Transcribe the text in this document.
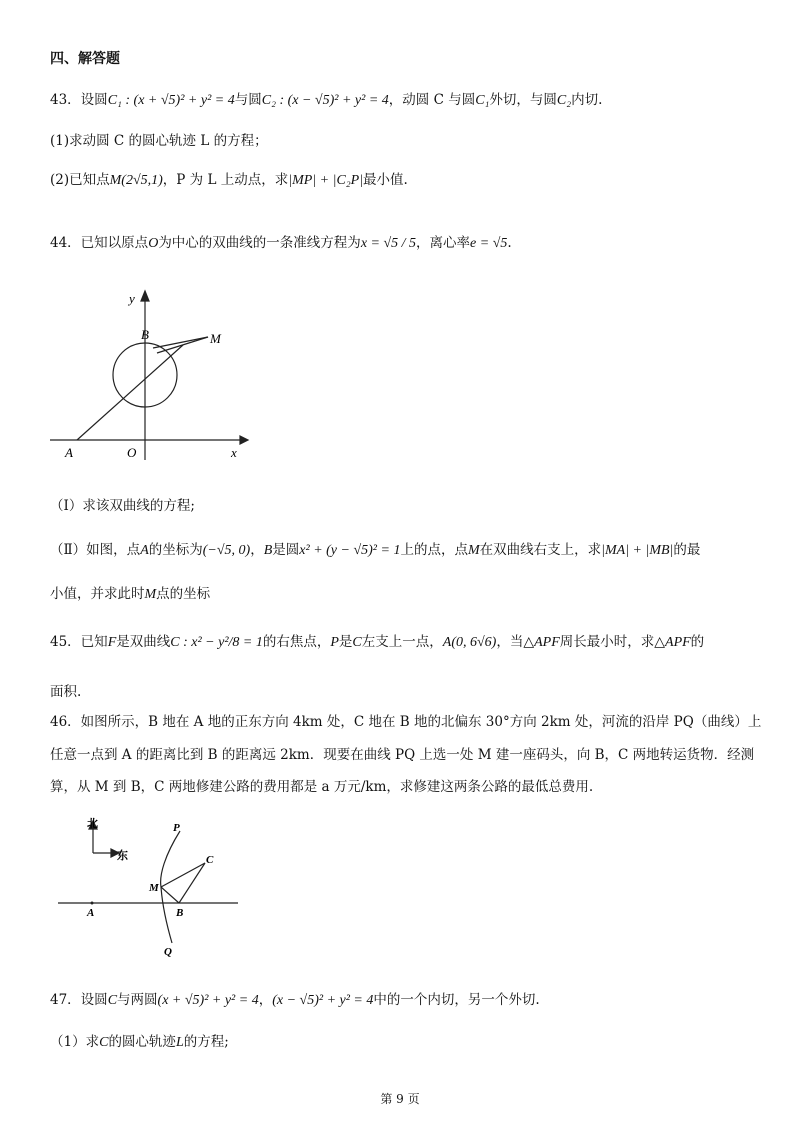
四、解答题
43．设圆C₁ : (x + √5)² + y² = 4与圆C₂ : (x − √5)² + y² = 4，动圆 C 与圆C₁外切，与圆C₂内切.
(1)求动圆 C 的圆心轨迹 L 的方程；
(2)已知点M(2√5,1)，P 为 L 上动点，求|MP| + |C₂P|最小值.
44．已知以原点O为中心的双曲线的一条准线方程为x = √5 / 5，离心率e = √5.
y
x
O
A
B	M
（Ⅰ）求该双曲线的方程;
（Ⅱ）如图，点A的坐标为(−√5, 0)，B是圆x² + (y − √5)² = 1上的点，点M在双曲线右支上，求|MA| + |MB|的最
小值，并求此时M点的坐标
45．已知F是双曲线C : x² − y²/8 = 1的右焦点，P是C左支上一点，A(0, 6√6)，当△APF周长最小时，求△APF的
面积.
46．如图所示，B 地在 A 地的正东方向 4km 处，C 地在 B 地的北偏东 30°方向 2km 处，河流的沿岸 PQ（曲线）上
任意一点到 A 的距离比到 B 的距离远 2km．现要在曲线 PQ 上选一处 M 建一座码头，向 B，C 两地转运货物．经测
算，从 M 到 B，C 两地修建公路的费用都是 a 万元/km，求修建这两条公路的最低总费用.
北
东
P
Q
C
M
B
A
47．设圆C与两圆(x + √5)² + y² = 4，(x − √5)² + y² = 4中的一个内切，另一个外切.
（1）求C的圆心轨迹L的方程;
第 9 页
